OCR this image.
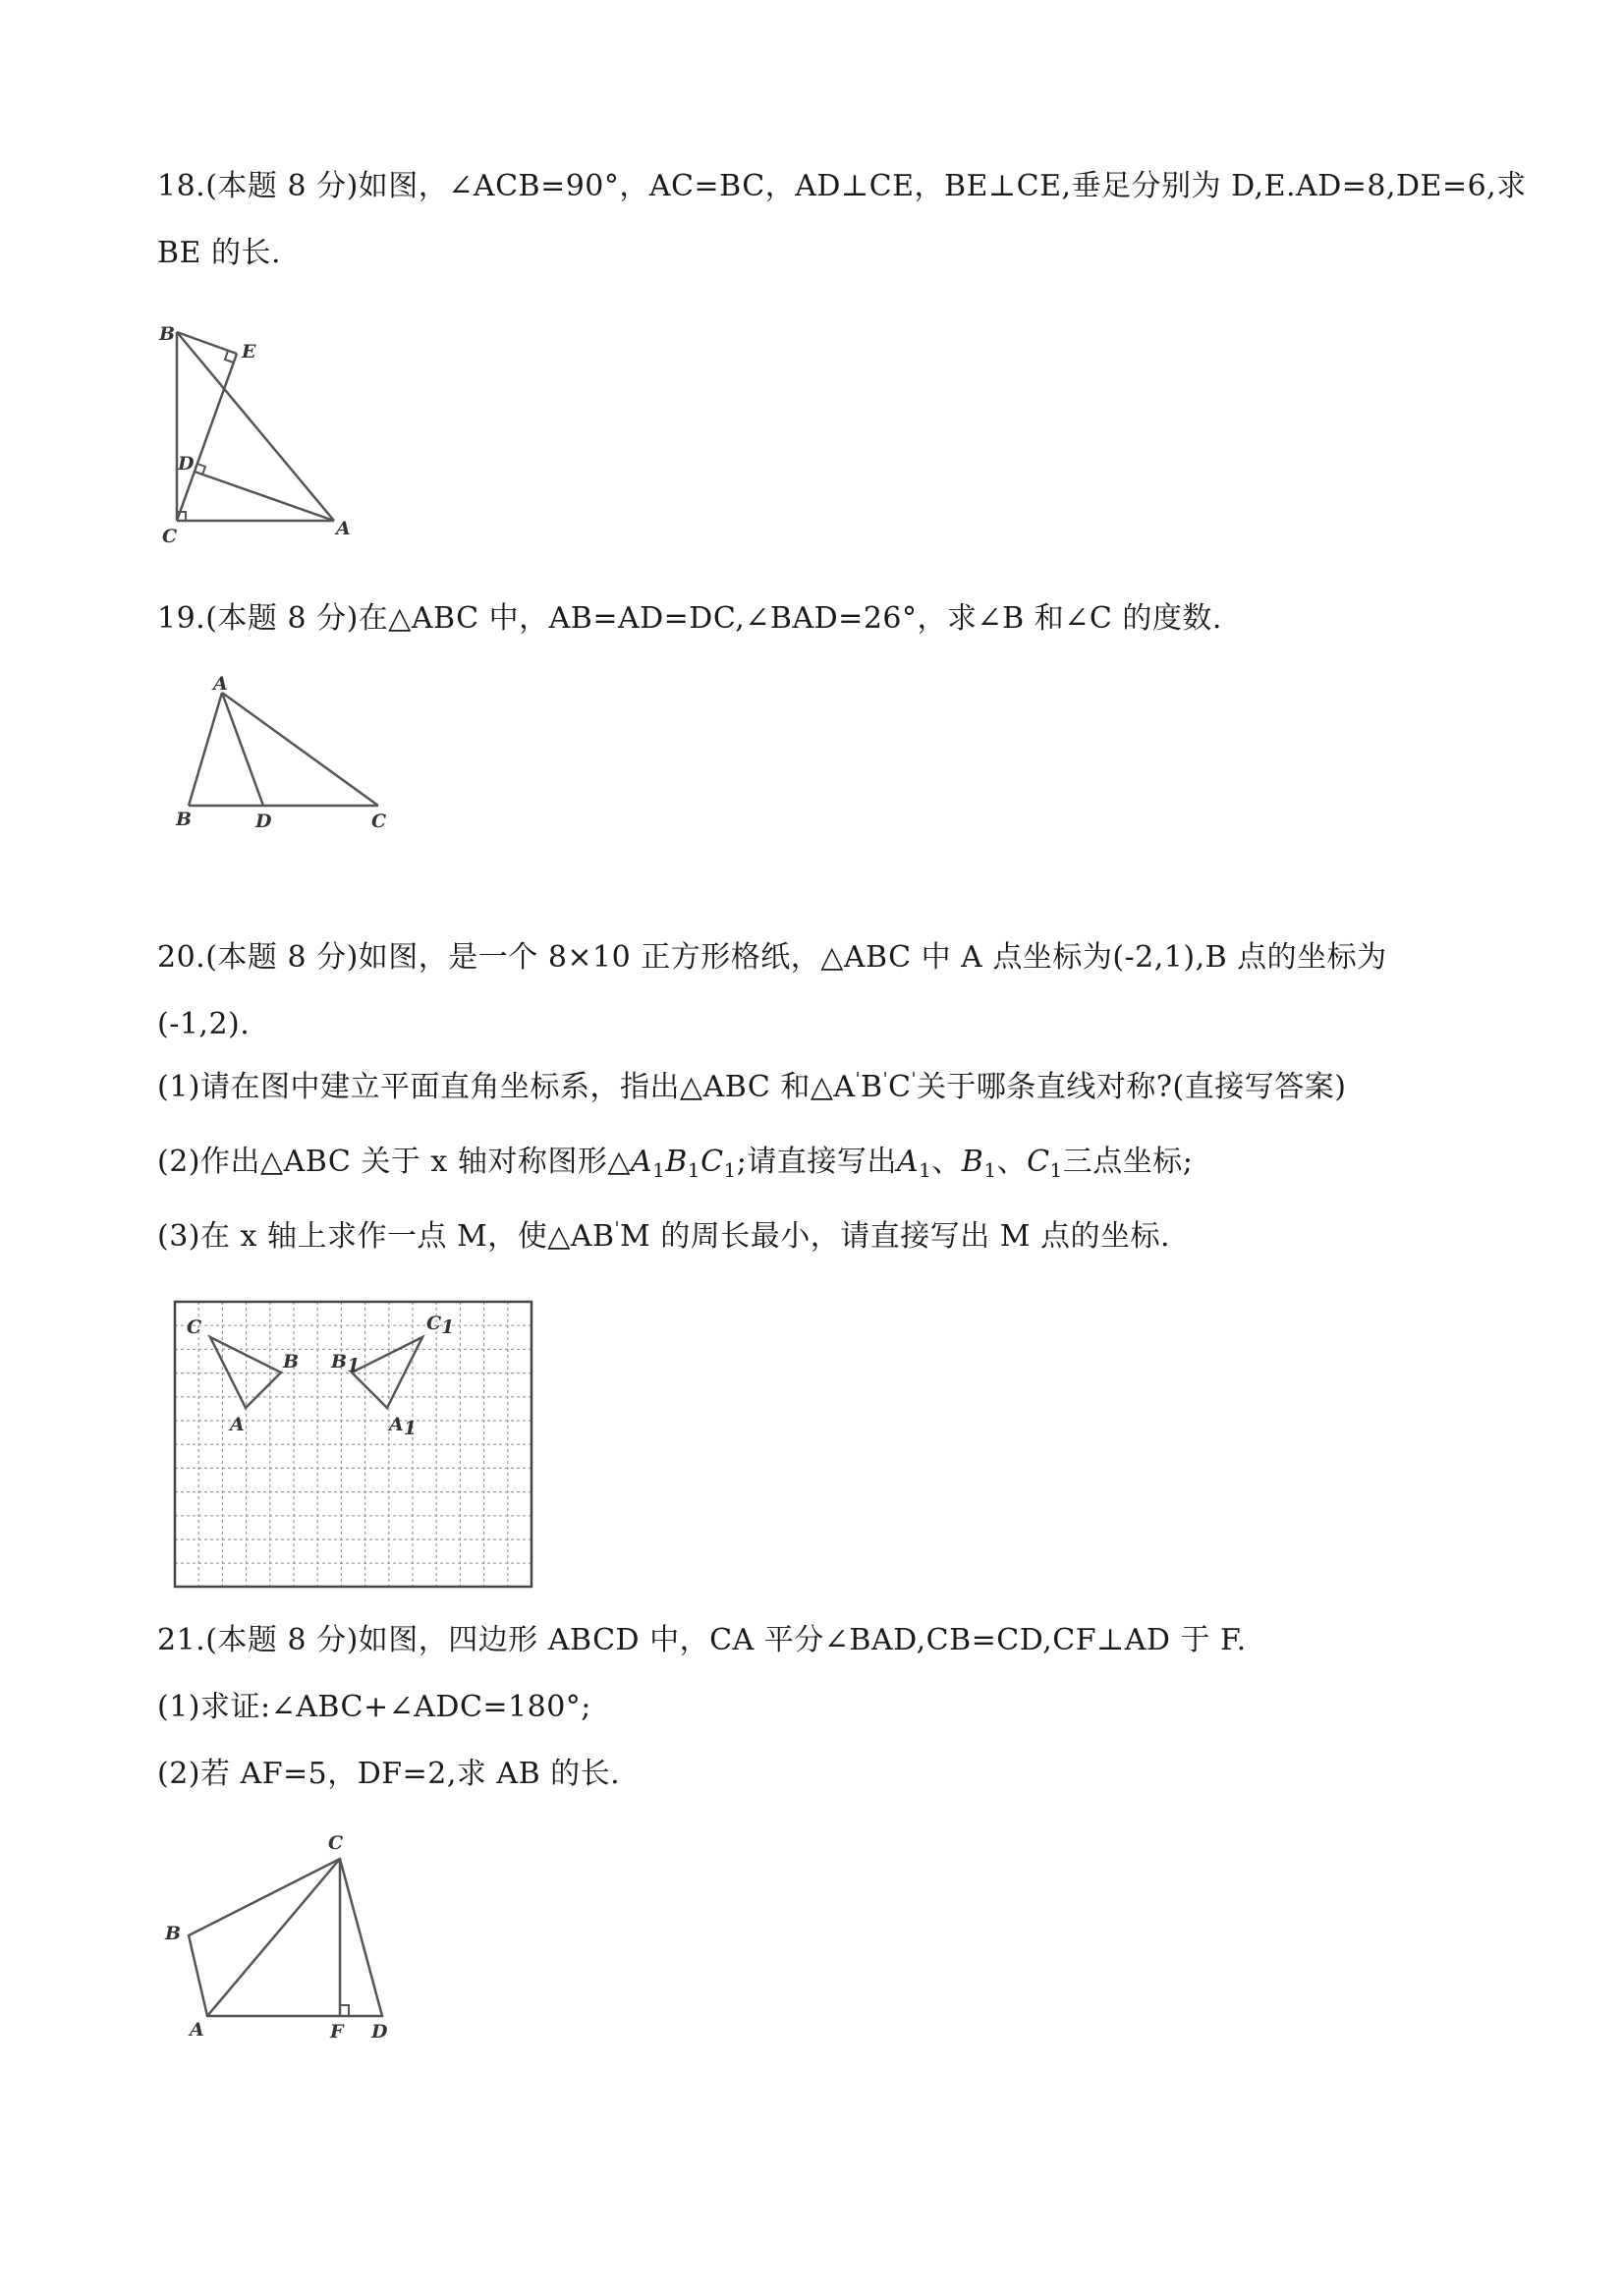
18.(本题 8 分)如图，∠ACB=90°，AC=BC，AD⊥CE，BE⊥CE,垂足分别为 D,E.AD=8,DE=6,求
BE 的长.
B
E
D
C	A
19.(本题 8 分)在△ABC 中，AB=AD=DC,∠BAD=26°，求∠B 和∠C 的度数.
A
B	D	C
20.(本题 8 分)如图，是一个 8×10 正方形格纸，△ABC 中 A 点坐标为(-2,1),B 点的坐标为
(-1,2).
(1)请在图中建立平面直角坐标系，指出△ABC 和△A'B'C'关于哪条直线对称?(直接写答案)
(2)作出△ABC 关于 x 轴对称图形$\triangle A_1B_1C_1$;请直接写出$A_1$、$B_1$、$C_1$三点坐标;
(3)在 x 轴上求作一点 M，使△AB'M 的周长最小，请直接写出 M 点的坐标.
C
B
A
B1
C1
A1
21.(本题 8 分)如图，四边形 ABCD 中，CA 平分∠BAD,CB=CD,CF⊥AD 于 F.
(1)求证:∠ABC+∠ADC=180°;
(2)若 AF=5，DF=2,求 AB 的长.
C
B
A	F D
